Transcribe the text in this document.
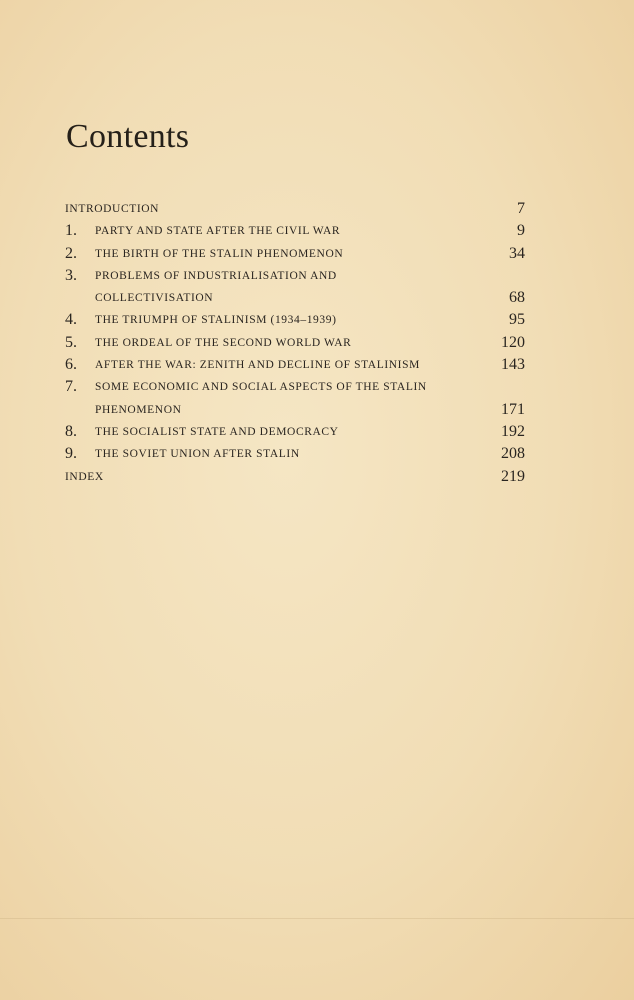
Contents
INTRODUCTION	7
1. PARTY AND STATE AFTER THE CIVIL WAR	9
2. THE BIRTH OF THE STALIN PHENOMENON	34
3. PROBLEMS OF INDUSTRIALISATION AND
COLLECTIVISATION	68
4. THE TRIUMPH OF STALINISM (1934–1939)	95
5. THE ORDEAL OF THE SECOND WORLD WAR	120
6. AFTER THE WAR: ZENITH AND DECLINE OF STALINISM	143
7. SOME ECONOMIC AND SOCIAL ASPECTS OF THE STALIN
PHENOMENON	171
8. THE SOCIALIST STATE AND DEMOCRACY	192
9. THE SOVIET UNION AFTER STALIN	208
INDEX	219
